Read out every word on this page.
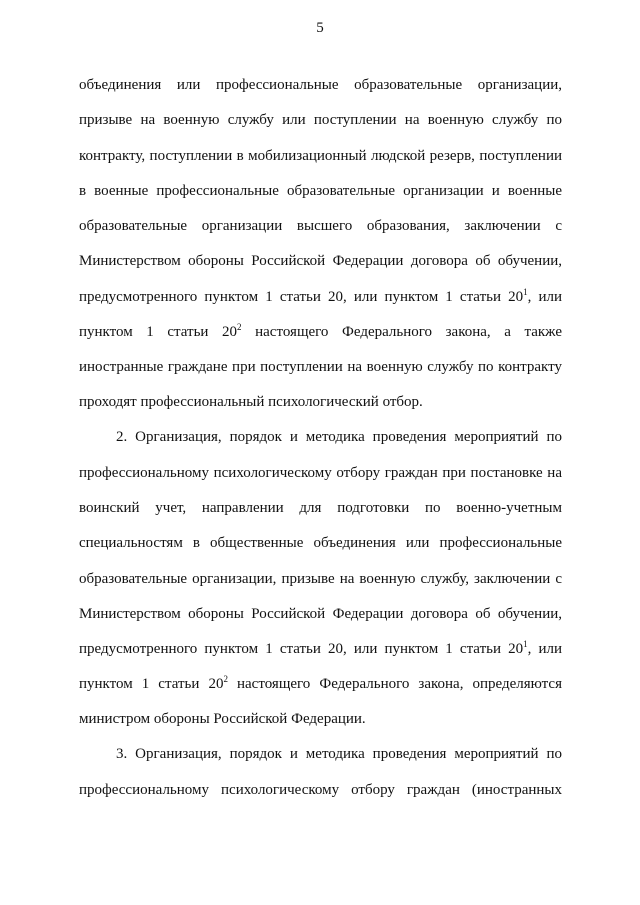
5
объединения или профессиональные образовательные организации,
призыве на военную службу или поступлении на военную службу по
контракту, поступлении в мобилизационный людской резерв, поступлении
в военные профессиональные образовательные организации и военные
образовательные организации высшего образования, заключении с
Министерством обороны Российской Федерации договора об обучении,
предусмотренного пунктом 1 статьи 20, или пунктом 1 статьи $20^1$, или
пунктом 1 статьи $20^2$ настоящего Федерального закона, а также
иностранные граждане при поступлении на военную службу по контракту
проходят профессиональный психологический отбор.
2. Организация, порядок и методика проведения мероприятий по
профессиональному психологическому отбору граждан при постановке на
воинский учет, направлении для подготовки по военно-учетным
специальностям в общественные объединения или профессиональные
образовательные организации, призыве на военную службу, заключении с
Министерством обороны Российской Федерации договора об обучении,
предусмотренного пунктом 1 статьи 20, или пунктом 1 статьи $20^1$, или
пунктом 1 статьи $20^2$ настоящего Федерального закона, определяются
министром обороны Российской Федерации.
3. Организация, порядок и методика проведения мероприятий по
профессиональному психологическому отбору граждан (иностранных
